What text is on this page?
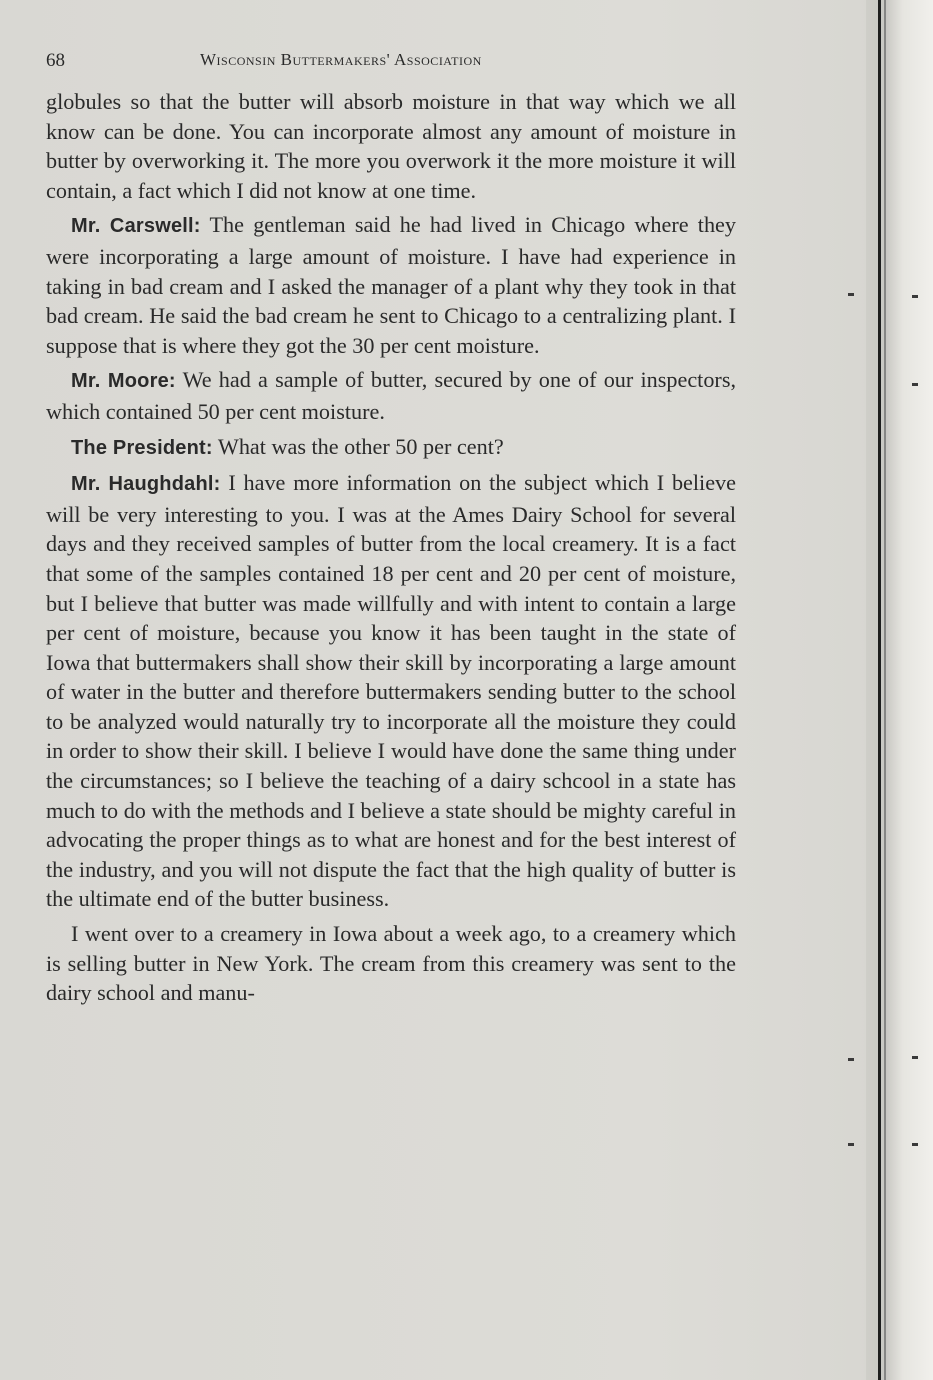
68	Wisconsin Buttermakers' Association

globules so that the butter will absorb moisture in that way which we all know can be done. You can incorporate almost any amount of moisture in butter by overworking it. The more you overwork it the more moisture it will contain, a fact which I did not know at one time.

Mr. Carswell: The gentleman said he had lived in Chicago where they were incorporating a large amount of moisture. I have had experience in taking in bad cream and I asked the manager of a plant why they took in that bad cream. He said the bad cream he sent to Chicago to a centralizing plant. I suppose that is where they got the 30 per cent moisture.

Mr. Moore: We had a sample of butter, secured by one of our inspectors, which contained 50 per cent moisture.

The President: What was the other 50 per cent?

Mr. Haughdahl: I have more information on the subject which I believe will be very interesting to you. I was at the Ames Dairy School for several days and they received samples of butter from the local creamery. It is a fact that some of the samples contained 18 per cent and 20 per cent of moisture, but I believe that butter was made willfully and with intent to contain a large per cent of moisture, because you know it has been taught in the state of Iowa that buttermakers shall show their skill by incorporating a large amount of water in the butter and therefore buttermakers sending butter to the school to be analyzed would naturally try to incorporate all the moisture they could in order to show their skill. I believe I would have done the same thing under the circumstances; so I believe the teaching of a dairy schcool in a state has much to do with the methods and I believe a state should be mighty careful in advocating the proper things as to what are honest and for the best interest of the industry, and you will not dispute the fact that the high quality of butter is the ultimate end of the butter business.

I went over to a creamery in Iowa about a week ago, to a creamery which is selling butter in New York. The cream from this creamery was sent to the dairy school and manu-
